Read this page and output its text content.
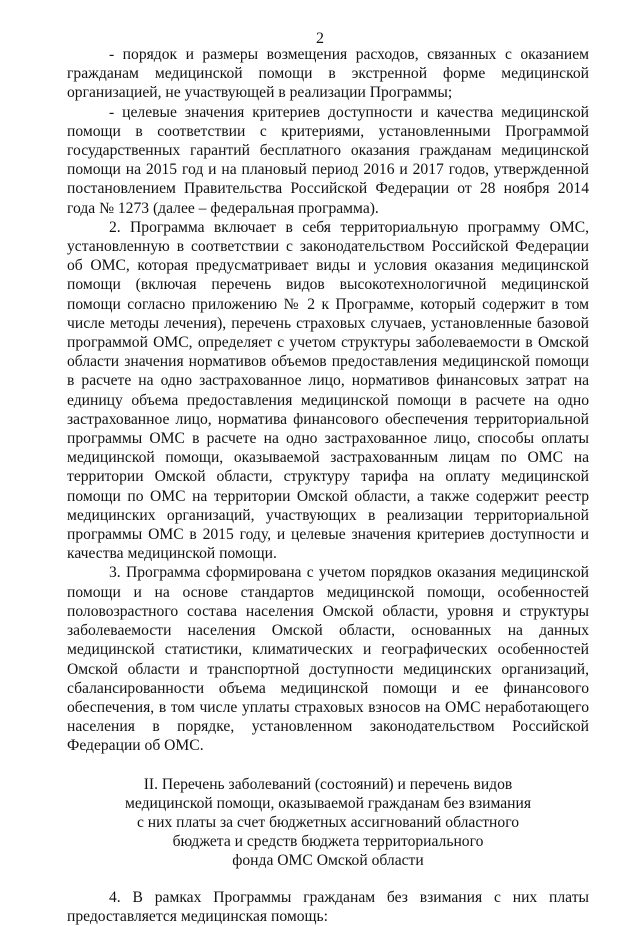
2

- порядок и размеры возмещения расходов, связанных с оказанием гражданам медицинской помощи в экстренной форме медицинской организацией, не участвующей в реализации Программы;

- целевые значения критериев доступности и качества медицинской помощи в соответствии с критериями, установленными Программой государственных гарантий бесплатного оказания гражданам медицинской помощи на 2015 год и на плановый период 2016 и 2017 годов, утвержденной постановлением Правительства Российской Федерации от 28 ноября 2014 года № 1273 (далее – федеральная программа).

2. Программа включает в себя территориальную программу ОМС, установленную в соответствии с законодательством Российской Федерации об ОМС, которая предусматривает виды и условия оказания медицинской помощи (включая перечень видов высокотехнологичной медицинской помощи согласно приложению № 2 к Программе, который содержит в том числе методы лечения), перечень страховых случаев, установленные базовой программой ОМС, определяет с учетом структуры заболеваемости в Омской области значения нормативов объемов предоставления медицинской помощи в расчете на одно застрахованное лицо, нормативов финансовых затрат на единицу объема предоставления медицинской помощи в расчете на одно застрахованное лицо, норматива финансового обеспечения территориальной программы ОМС в расчете на одно застрахованное лицо, способы оплаты медицинской помощи, оказываемой застрахованным лицам по ОМС на территории Омской области, структуру тарифа на оплату медицинской помощи по ОМС на территории Омской области, а также содержит реестр медицинских организаций, участвующих в реализации территориальной программы ОМС в 2015 году, и целевые значения критериев доступности и качества медицинской помощи.

3. Программа сформирована с учетом порядков оказания медицинской помощи и на основе стандартов медицинской помощи, особенностей половозрастного состава населения Омской области, уровня и структуры заболеваемости населения Омской области, основанных на данных медицинской статистики, климатических и географических особенностей Омской области и транспортной доступности медицинских организаций, сбалансированности объема медицинской помощи и ее финансового обеспечения, в том числе уплаты страховых взносов на ОМС неработающего населения в порядке, установленном законодательством Российской Федерации об ОМС.

II. Перечень заболеваний (состояний) и перечень видов
медицинской помощи, оказываемой гражданам без взимания
с них платы за счет бюджетных ассигнований областного
бюджета и средств бюджета территориального
фонда ОМС Омской области

4. В рамках Программы гражданам без взимания с них платы предоставляется медицинская помощь:
